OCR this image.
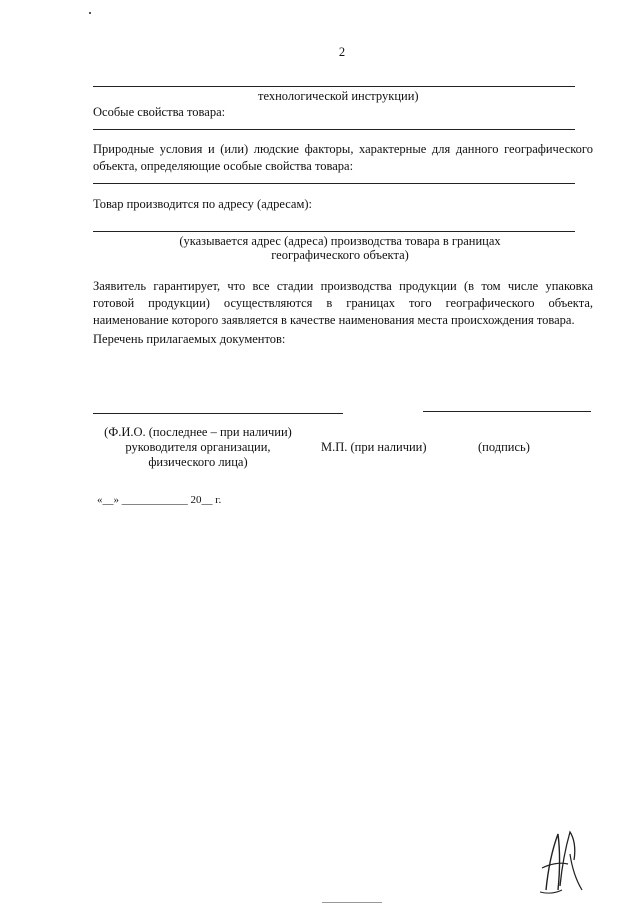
2
технологической инструкции)
Особые свойства товара:
Природные условия и (или) людские факторы, характерные для данного географического объекта, определяющие особые свойства товара:
Товар производится по адресу (адресам):
(указывается адрес (адреса) производства товара в границах
географического объекта)
Заявитель гарантирует, что все стадии производства продукции (в том числе упаковка готовой продукции) осуществляются в границах того географического объекта, наименование которого заявляется в качестве наименования места происхождения товара.
Перечень прилагаемых документов:
(Ф.И.О. (последнее – при наличии)
руководителя организации,
физического лица)
М.П. (при наличии)	(подпись)
«__» ____________ 20__ г.
